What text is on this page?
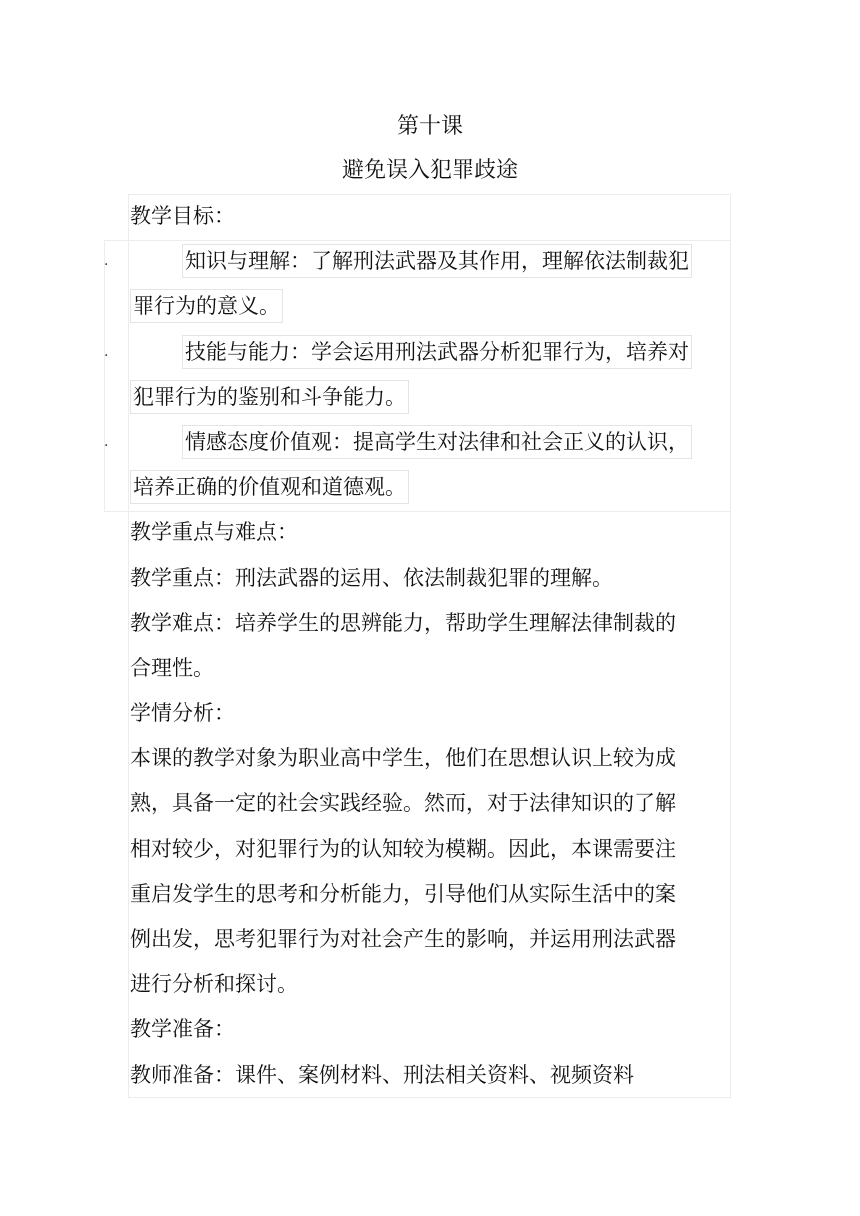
第十课
避免误入犯罪歧途
教学目标：
.	知识与理解：了解刑法武器及其作用，理解依法制裁犯
罪行为的意义。
.	技能与能力：学会运用刑法武器分析犯罪行为，培养对
犯罪行为的鉴别和斗争能力。
.	情感态度价值观：提高学生对法律和社会正义的认识，
培养正确的价值观和道德观。
教学重点与难点：
教学重点：刑法武器的运用、依法制裁犯罪的理解。
教学难点：培养学生的思辨能力，帮助学生理解法律制裁的
合理性。
学情分析：
本课的教学对象为职业高中学生，他们在思想认识上较为成
熟，具备一定的社会实践经验。然而，对于法律知识的了解
相对较少，对犯罪行为的认知较为模糊。因此，本课需要注
重启发学生的思考和分析能力，引导他们从实际生活中的案
例出发，思考犯罪行为对社会产生的影响，并运用刑法武器
进行分析和探讨。
教学准备：
教师准备：课件、案例材料、刑法相关资料、视频资料
